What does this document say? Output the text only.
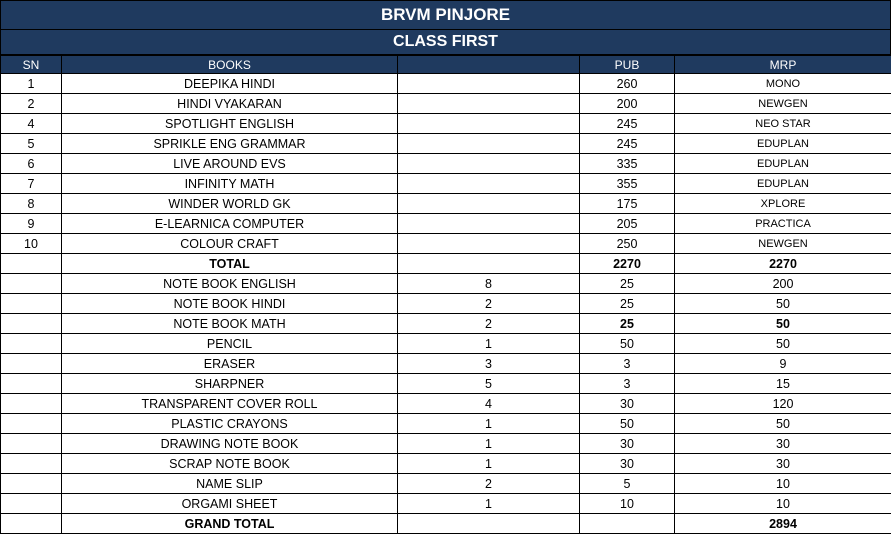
BRVM PINJORE
CLASS FIRST
SN	BOOKS		PUB	MRP
1	DEEPIKA HINDI		260	MONO
2	HINDI VYAKARAN		200	NEWGEN
4	SPOTLIGHT ENGLISH		245	NEO STAR
5	SPRIKLE ENG GRAMMAR		245	EDUPLAN
6	LIVE AROUND EVS		335	EDUPLAN
7	INFINITY MATH		355	EDUPLAN
8	WINDER WORLD GK		175	XPLORE
9	E-LEARNICA COMPUTER		205	PRACTICA
10	COLOUR CRAFT		250	NEWGEN
	TOTAL		2270	2270
	NOTE BOOK ENGLISH	8	25	200
	NOTE BOOK HINDI	2	25	50
	NOTE BOOK MATH	2	25	50
	PENCIL	1	50	50
	ERASER	3	3	9
	SHARPNER	5	3	15
	TRANSPARENT COVER ROLL	4	30	120
	PLASTIC CRAYONS	1	50	50
	DRAWING NOTE BOOK	1	30	30
	SCRAP NOTE BOOK	1	30	30
	NAME SLIP	2	5	10
	ORGAMI SHEET	1	10	10
	GRAND TOTAL			2894
